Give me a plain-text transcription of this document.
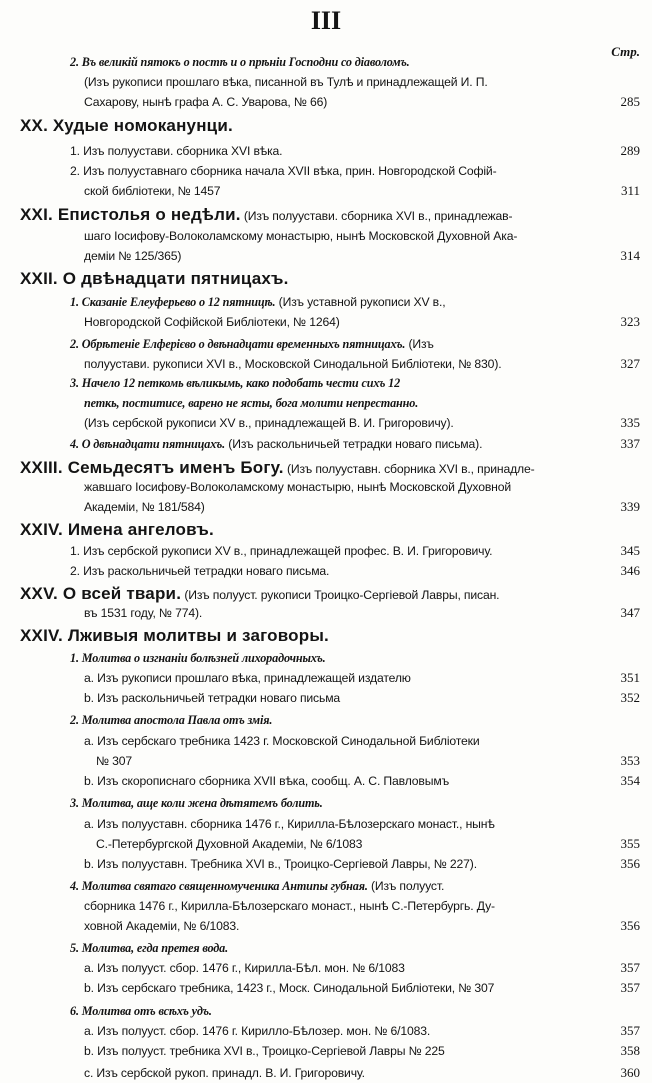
III
Стр.
2. Въ великій пятокъ о постѣ и о прѣніи Господни со діаволомъ.
(Изъ рукописи прошлаго вѣка, писанной въ Тулѣ и принадлежащей И. П.
Сахарову, нынѣ графа А. С. Уварова, № 66)	285
XX. Худые номоканунци.
1. Изъ полуустави. сборника XVI вѣка.	289
2. Изъ полууставнаго сборника начала XVII вѣка, прин. Новгородской Софій-
ской библіотеки, № 1457	311
XXI. Епистолья о недѣли. (Изъ полуустави. сборника XVI в., принадлежав-
шаго Іосифову-Волоколамскому монастырю, нынѣ Московской Духовной Ака-
деміи № 125/365)	314
XXII. О двѣнадцати пятницахъ.
1. Сказаніе Елеуферьево о 12 пятницѣ. (Изъ уставной рукописи XV в.,
Новгородской Софійской Библіотеки, № 1264)	323
2. Обрѣтеніе Елферієво о двѣнадцати временныхъ пятницахъ. (Изъ
полуустави. рукописи XVI в., Московской Синодальной Библіотеки, № 830).	327
3. Начело 12 петкомь вѣликымь, како подобать чести сихъ 12
петкь, поститисе, варено не ясты, бога молити непрестанно.
(Изъ сербской рукописи XV в., принадлежащей В. И. Григоровичу).	335
4. О двѣнадцати пятницахъ. (Изъ раскольничьей тетрадки новаго письма).	337
XXIII. Семьдесятъ именъ Богу. (Изъ полууставн. сборника XVI в., принадле-
жавшаго Іосифову-Волоколамскому монастырю, нынѣ Московской Духовной
Академіи, № 181/584)	339
XXIV. Имена ангеловъ.
1. Изъ сербской рукописи XV в., принадлежащей профес. В. И. Григоровичу.	345
2. Изъ раскольничьей тетрадки новаго письма.	346
XXV. О всей твари. (Изъ полууст. рукописи Троицко-Сергіевой Лавры, писан.
въ 1531 году, № 774).	347
XXIV. Лживыя молитвы и заговоры.
1. Молитва о изгнаніи болѣзней лихорадочныхъ.
a. Изъ рукописи прошлаго вѣка, принадлежащей издателю	351
b. Изъ раскольничьей тетрадки новаго письма	352
2. Молитва апостола Павла отъ змія.
a. Изъ сербскаго требника 1423 г. Московской Синодальной Библіотеки
№ 307	353
b. Изъ скорописнаго сборника XVII вѣка, сообщ. А. С. Павловымъ	354
3. Молитва, аще коли жена дѣтятемъ болить.
a. Изъ полууставн. сборника 1476 г., Кирилла-Бѣлозерскаго монаст., нынѣ
С.-Петербургской Духовной Академіи, № 6/1083	355
b. Изъ полууставн. Требника XVI в., Троицко-Сергіевой Лавры, № 227).	356
4. Молитва святаго священномученика Антипы губная. (Изъ полууст.
сборника 1476 г., Кирилла-Бѣлозерскаго монаст., нынѣ С.-Петербургь. Ду-
ховной Академіи, № 6/1083.	356
5. Молитва, егда претея вода.
a. Изъ полууст. сбор. 1476 г., Кирилла-Бѣл. мон. № 6/1083	357
b. Изъ сербскаго требника, 1423 г., Моск. Синодальной Библіотеки, № 307	357
6. Молитва отъ всѣхъ удъ.
a. Изъ полууст. сбор. 1476 г. Кирилло-Бѣлозер. мон. № 6/1083.	357
b. Изъ полууст. требника XVI в., Троицко-Сергіевой Лавры № 225	358
c. Изъ сербской рукоп. принадл. В. И. Григоровичу.	360
